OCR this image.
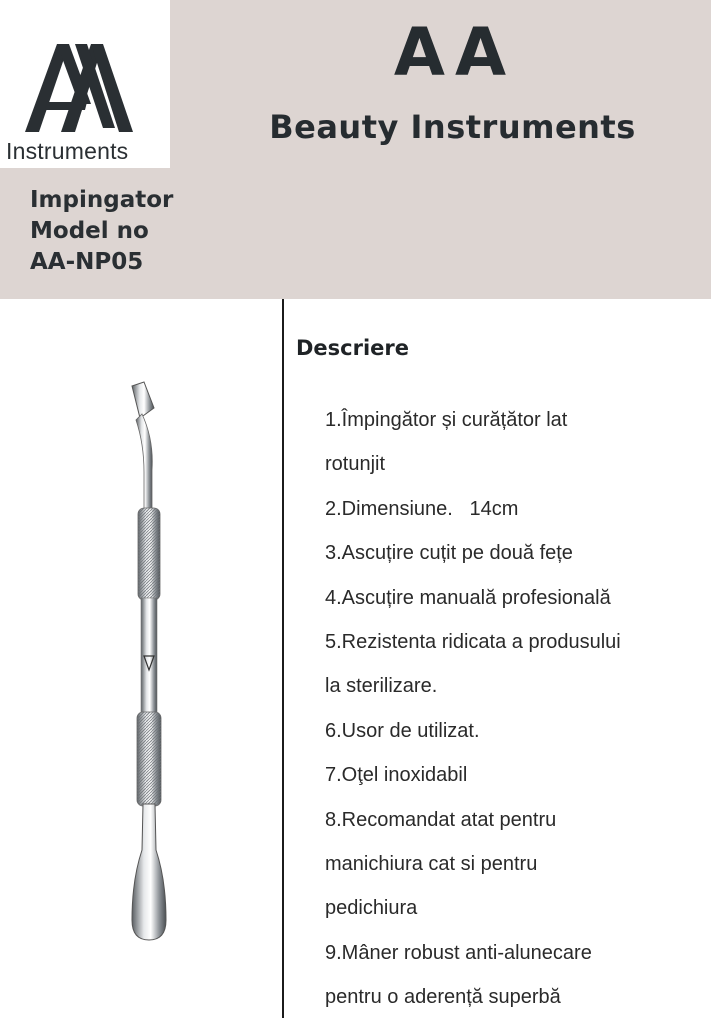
Instruments
AA
Beauty Instruments
Impingator
Model no
AA-NP05
Descriere
1.Împingător și curățător lat
rotunjit
2.Dimensiune.   14cm
3.Ascuțire cuțit pe două fețe
4.Ascuțire manuală profesională
5.Rezistenta ridicata a produsului
la sterilizare.
6.Usor de utilizat.
7.Oţel inoxidabil
8.Recomandat atat pentru
manichiura cat si pentru
pedichiura
9.Mâner robust anti-alunecare
pentru o aderență superbă
